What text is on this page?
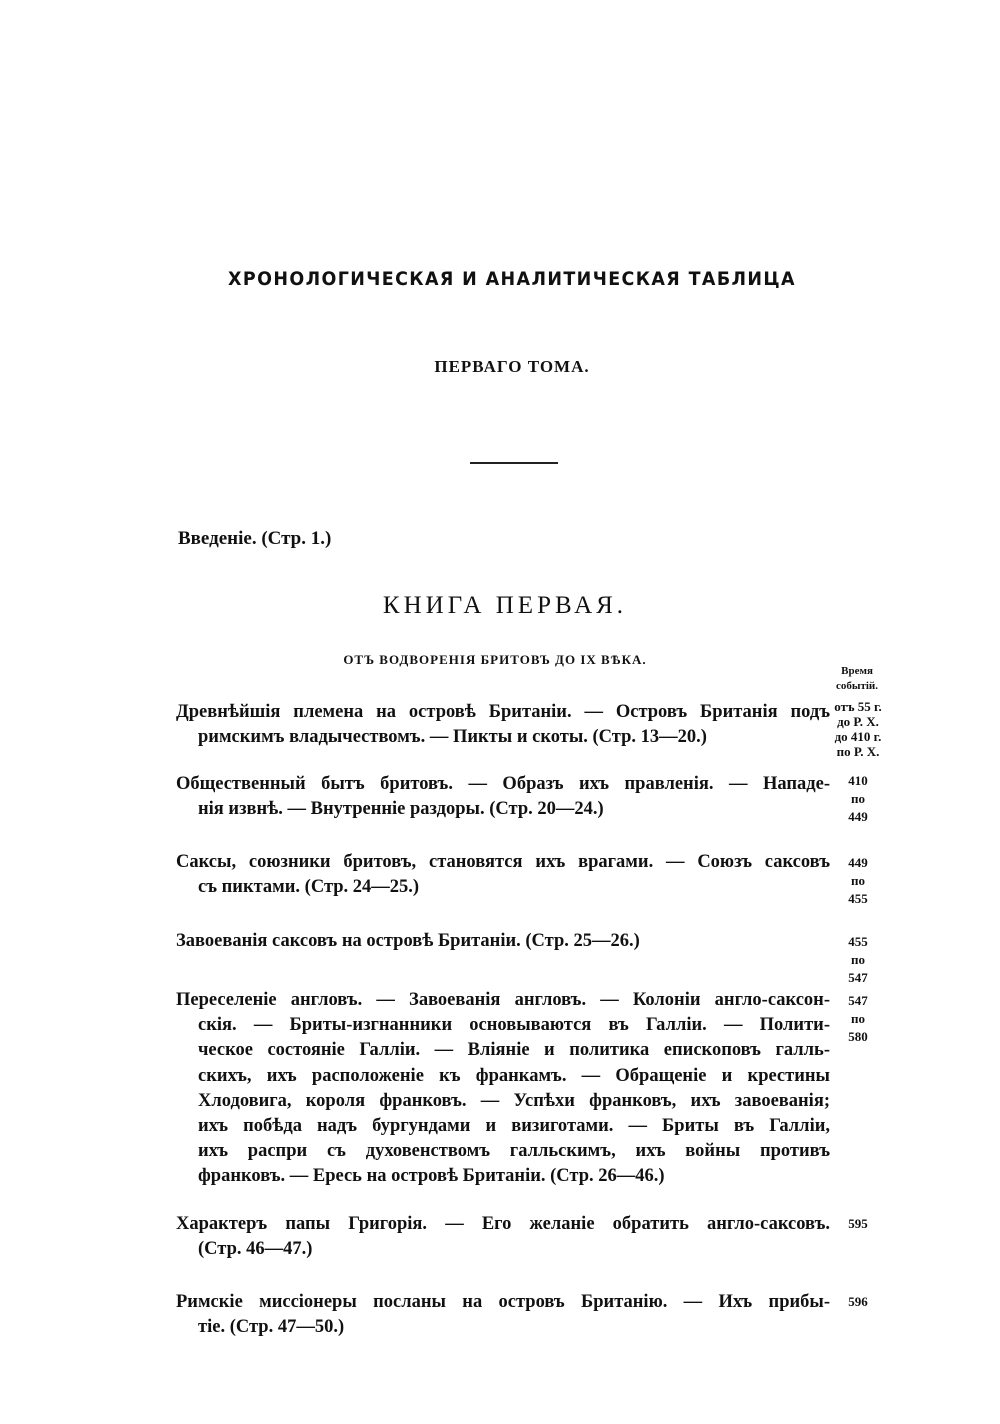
ХРОНОЛОГИЧЕСКАЯ И АНАЛИТИЧЕСКАЯ ТАБЛИЦА
ПЕРВАГО ТОМА.
Введеніе. (Стр. 1.)
КНИГА ПЕРВАЯ.
ОТЪ ВОДВОРЕНІЯ БРИТОВЪ ДО IX ВѢКА.
Время
событій.
Древнѣйшія племена на островѣ Британіи. — Островъ Британія подъ
римскимъ владычествомъ. — Пикты и скоты. (Стр. 13—20.)
отъ 55 г.
до Р. Х.
до 410 г.
по Р. Х.
Общественный бытъ бритовъ. — Образъ ихъ правленія. — Нападе-
нія извнѣ. — Внутренніе раздоры. (Стр. 20—24.)
410
по
449
Саксы, союзники бритовъ, становятся ихъ врагами. — Союзъ саксовъ
съ пиктами. (Стр. 24—25.)
449
по
455
Завоеванія саксовъ на островѣ Британіи. (Стр. 25—26.)	455
по
547
Переселеніе англовъ. — Завоеванія англовъ. — Колоніи англо-саксон-
скія. — Бриты-изгнанники основываются въ Галліи. — Полити-
ческое состояніе Галліи. — Вліяніе и политика епископовъ галль-
скихъ, ихъ расположеніе къ франкамъ. — Обращеніе и крестины
Хлодовига, короля франковъ. — Успѣхи франковъ, ихъ завоеванія;
ихъ побѣда надъ бургундами и визиготами. — Бриты въ Галліи,
ихъ распри съ духовенствомъ галльскимъ, ихъ войны противъ
франковъ. — Ересь на островѣ Британіи. (Стр. 26—46.)
547
по
580
Характеръ папы Григорія. — Его желаніе обратить англо-саксовъ.
(Стр. 46—47.)
595
Римскіе миссіонеры посланы на островъ Британію. — Ихъ прибы-
тіе. (Стр. 47—50.)
596
